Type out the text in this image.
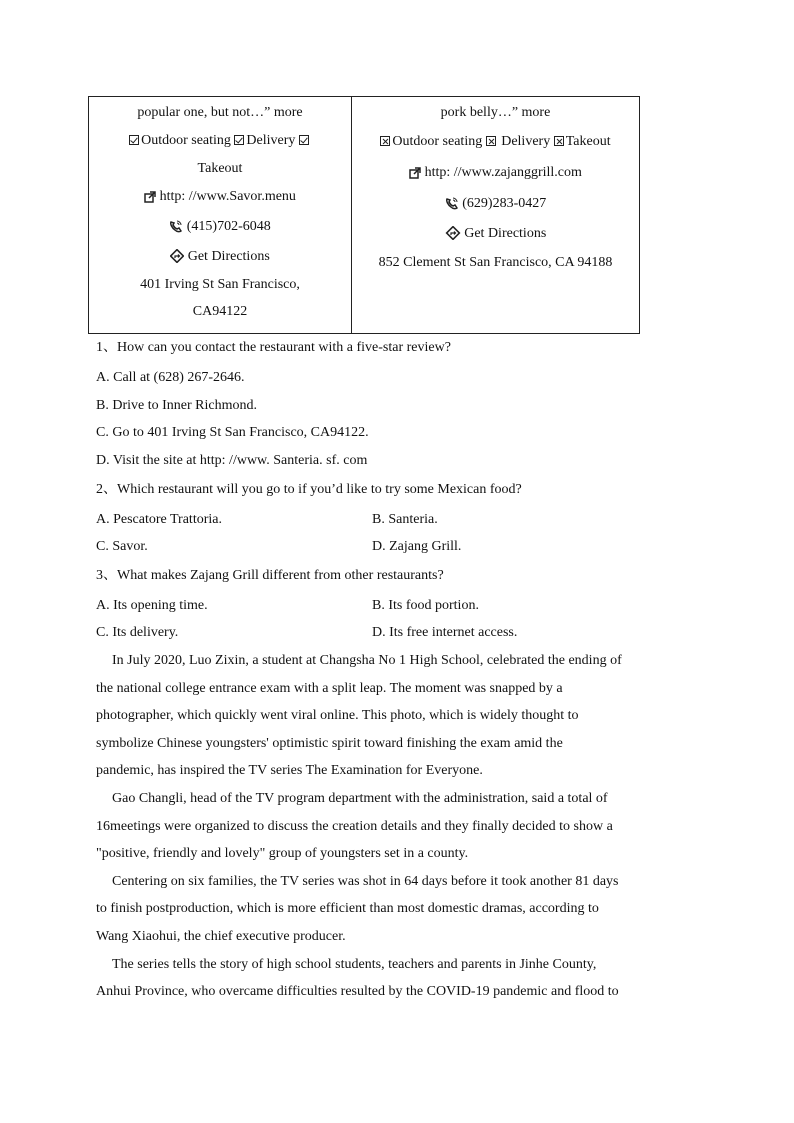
popular one, but not…” more
Outdoor seating Delivery
Takeout
http: //www.Savor.menu
(415)702-6048
Get Directions
401 Irving St San Francisco,
CA94122
pork belly…” more
Outdoor seating Delivery Takeout
http: //www.zajanggrill.com
(629)283-0427
Get Directions
852 Clement St San Francisco, CA 94188
1、How can you contact the restaurant with a five-star review?
A. Call at (628) 267-2646.
B. Drive to Inner Richmond.
C. Go to 401 Irving St San Francisco, CA94122.
D. Visit the site at http: //www. Santeria. sf. com
2、Which restaurant will you go to if you’d like to try some Mexican food?
A. Pescatore Trattoria.	B. Santeria.
C. Savor.	D. Zajang Grill.
3、What makes Zajang Grill different from other restaurants?
A. Its opening time.	B. Its food portion.
C. Its delivery.	D. Its free internet access.
In July 2020, Luo Zixin, a student at Changsha No 1 High School, celebrated the ending of
the national college entrance exam with a split leap. The moment was snapped by a
photographer, which quickly went viral online. This photo, which is widely thought to
symbolize Chinese youngsters' optimistic spirit toward finishing the exam amid the
pandemic, has inspired the TV series The Examination for Everyone.
Gao Changli, head of the TV program department with the administration, said a total of
16meetings were organized to discuss the creation details and they finally decided to show a
"positive, friendly and lovely" group of youngsters set in a county.
Centering on six families, the TV series was shot in 64 days before it took another 81 days
to finish postproduction, which is more efficient than most domestic dramas, according to
Wang Xiaohui, the chief executive producer.
The series tells the story of high school students, teachers and parents in Jinhe County,
Anhui Province, who overcame difficulties resulted by the COVID-19 pandemic and flood to
